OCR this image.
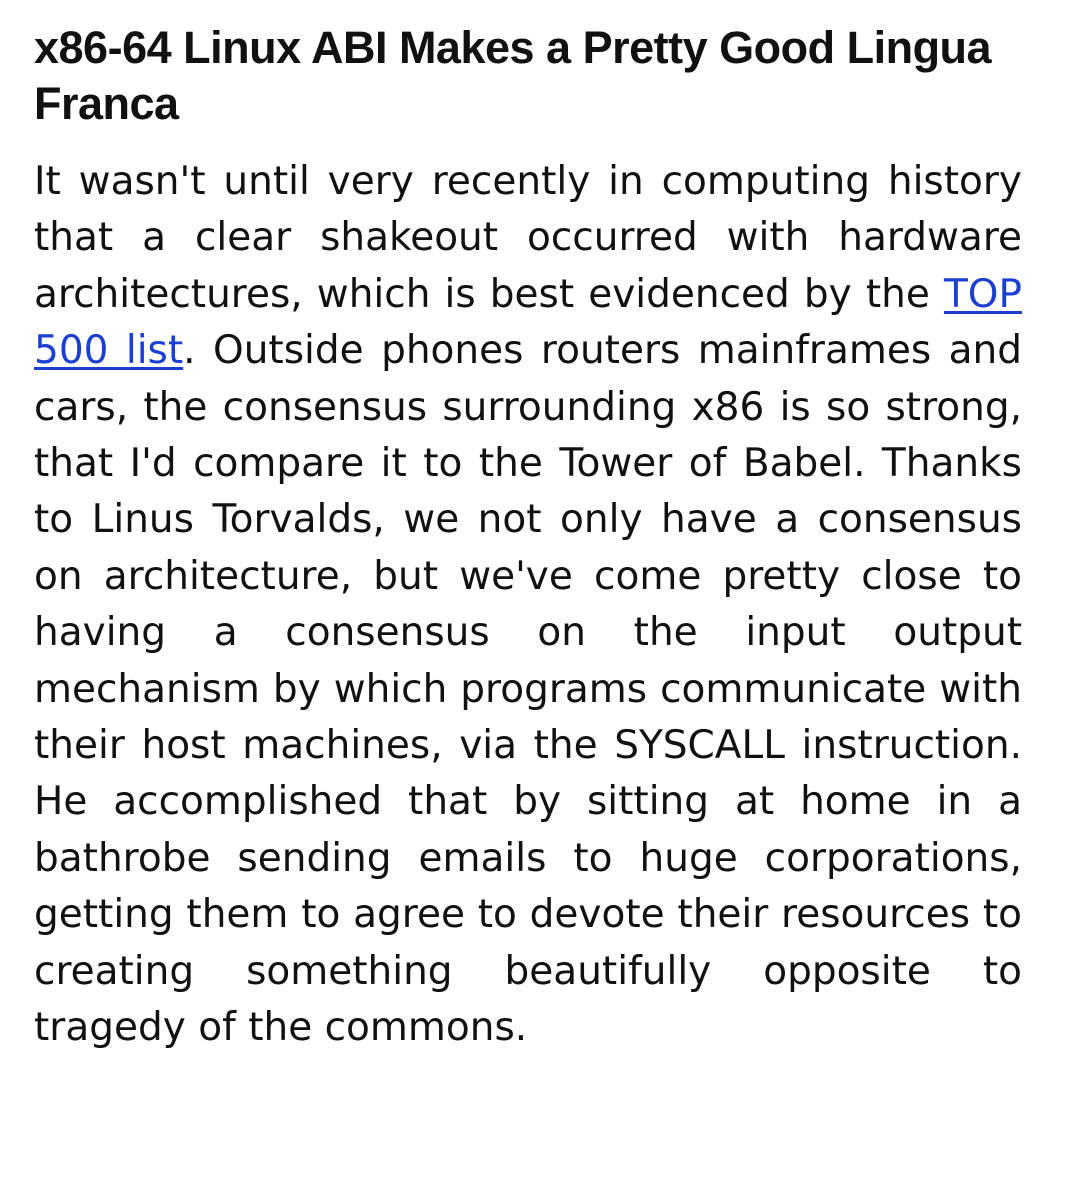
x86-64 Linux ABI Makes a Pretty Good Lingua Franca

It wasn't until very recently in computing history that a clear shakeout occurred with hardware architectures, which is best evidenced by the TOP 500 list. Outside phones routers mainframes and cars, the consensus surrounding x86 is so strong, that I'd compare it to the Tower of Babel. Thanks to Linus Torvalds, we not only have a consensus on architecture, but we've come pretty close to having a consensus on the input output mechanism by which programs communicate with their host machines, via the SYSCALL instruction. He accomplished that by sitting at home in a bathrobe sending emails to huge corporations, getting them to agree to devote their resources to creating something beautifully opposite to tragedy of the commons.
